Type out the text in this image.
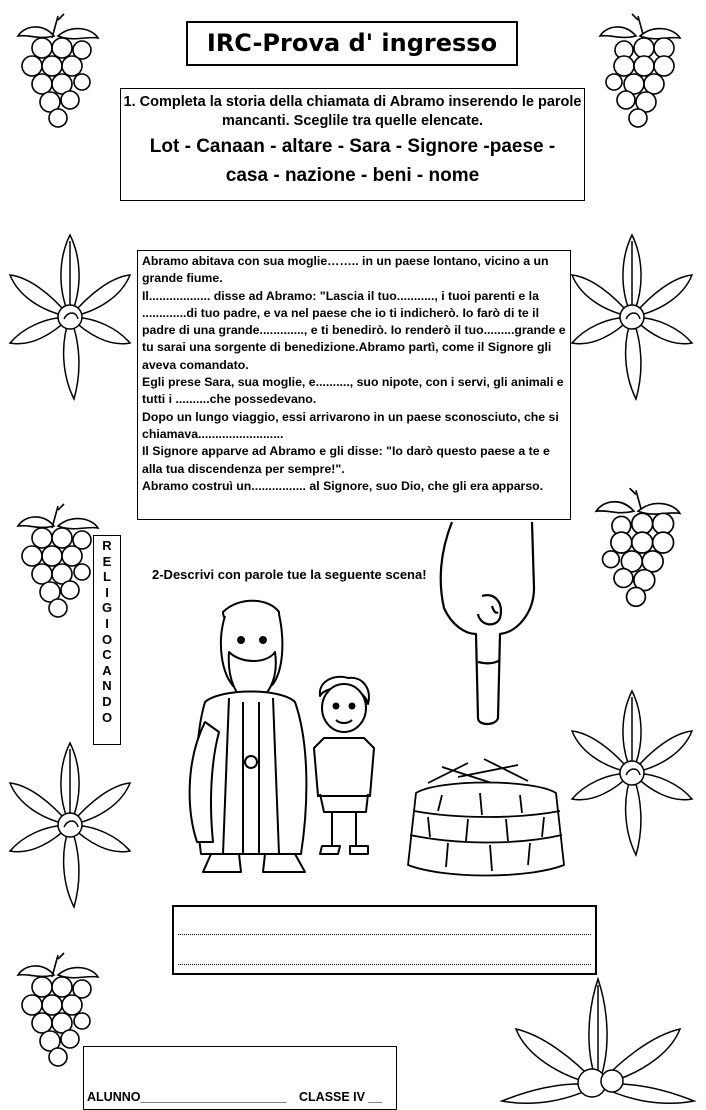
IRC-Prova d' ingresso
1. Completa la storia della chiamata di Abramo inserendo le parole mancanti. Sceglile tra quelle elencate.
Lot - Canaan - altare - Sara - Signore -paese -
casa - nazione - beni - nome
Abramo abitava con sua moglie…….. in un paese lontano, vicino a un grande fiume.
Il.................. disse ad Abramo: "Lascia il tuo..........., i tuoi parenti e la .............di tuo padre, e va nel paese che io ti indicherò. Io farò di te il padre di una grande............., e ti benedirò. Io renderò il tuo.........grande e tu sarai una sorgente di benedizione.Abramo partì, come il Signore gli aveva comandato.
Egli prese Sara, sua moglie, e.........., suo nipote, con i servi, gli animali e tutti i ..........che possedevano.
Dopo un lungo viaggio, essi arrivarono in un paese sconosciuto, che si chiamava.........................
Il Signore apparve ad Abramo e gli disse: "Io darò questo paese a te e alla tua discendenza per sempre!".
Abramo costruì un................ al Signore, suo Dio, che gli era apparso.
R
E
L
I
G
I
O
C
A
N
D
O
2-Descrivi con parole tue la seguente scena!
ALUNNO_____________________ CLASSE IV __
